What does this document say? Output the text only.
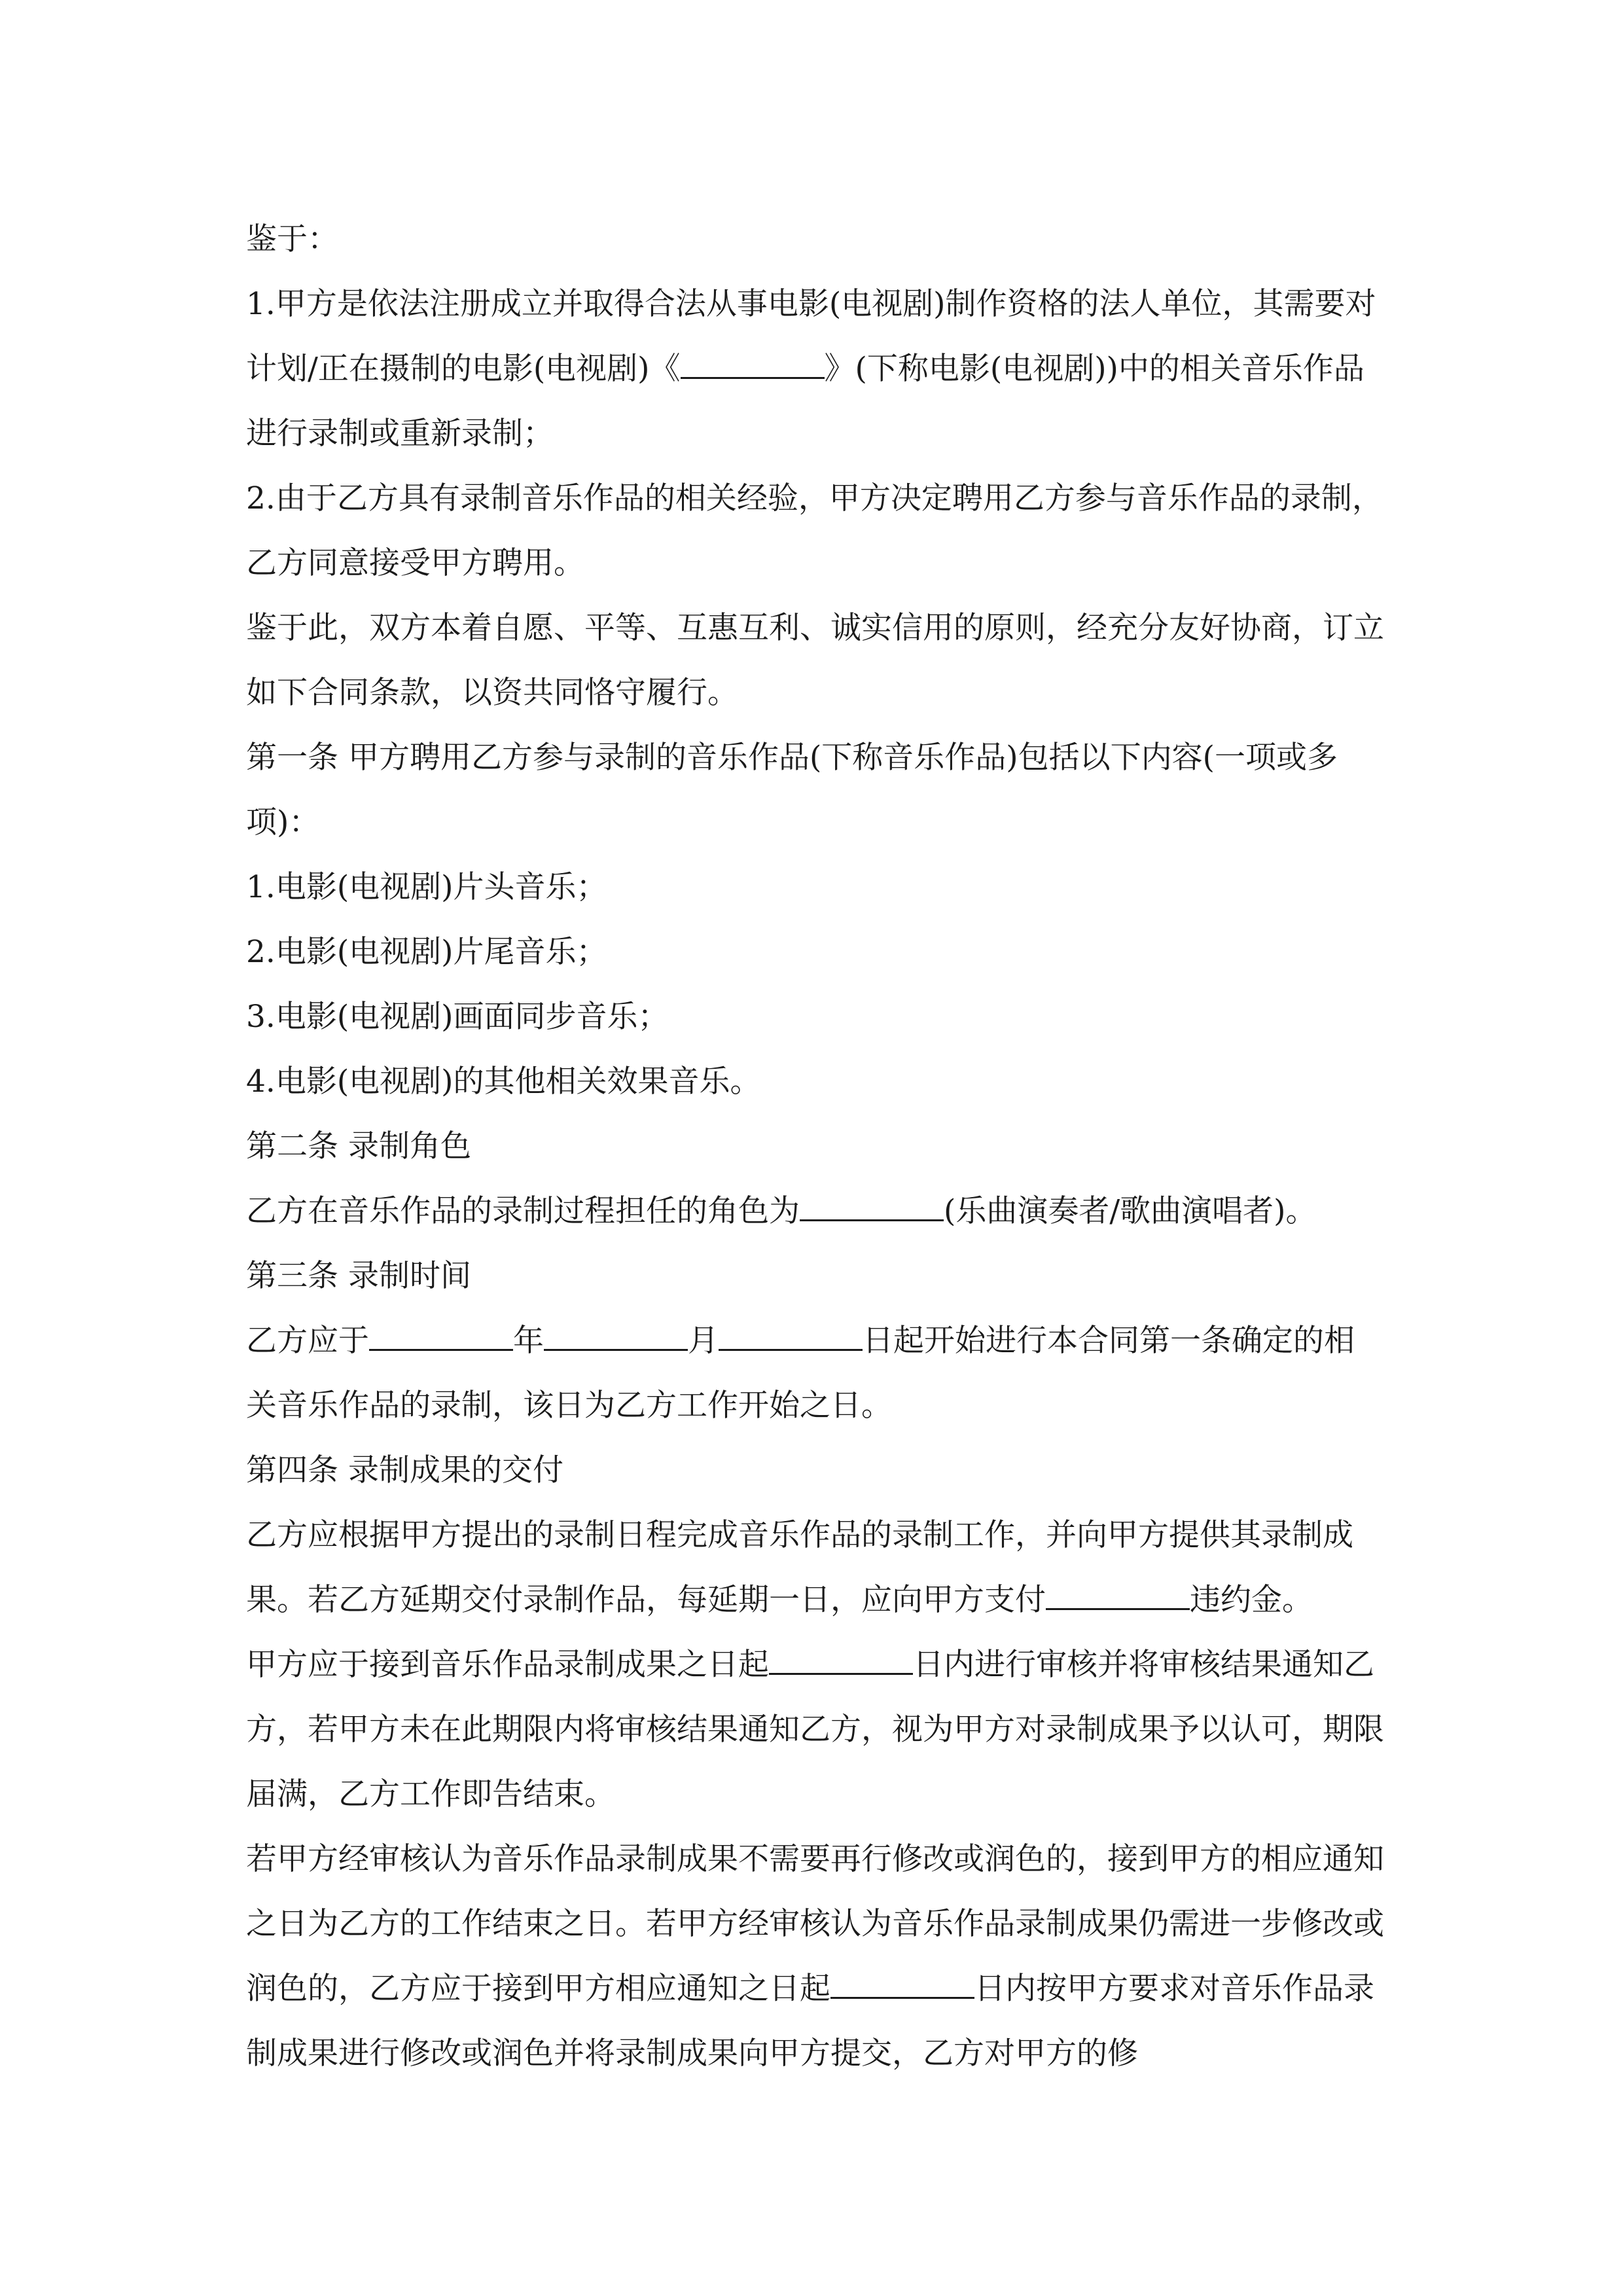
鉴于：

1.甲方是依法注册成立并取得合法从事电影(电视剧)制作资格的法人单位，其需要对计划/正在摄制的电影(电视剧)《	》(下称电影(电视剧))中的相关音乐作品进行录制或重新录制；

2.由于乙方具有录制音乐作品的相关经验，甲方决定聘用乙方参与音乐作品的录制，乙方同意接受甲方聘用。

鉴于此，双方本着自愿、平等、互惠互利、诚实信用的原则，经充分友好协商，订立如下合同条款，以资共同恪守履行。

第一条 甲方聘用乙方参与录制的音乐作品(下称音乐作品)包括以下内容(一项或多项)：

1.电影(电视剧)片头音乐；

2.电影(电视剧)片尾音乐；

3.电影(电视剧)画面同步音乐；

4.电影(电视剧)的其他相关效果音乐。

第二条 录制角色

乙方在音乐作品的录制过程担任的角色为	(乐曲演奏者/歌曲演唱者)。

第三条 录制时间

乙方应于	年	月	日起开始进行本合同第一条确定的相关音乐作品的录制，该日为乙方工作开始之日。

第四条 录制成果的交付

乙方应根据甲方提出的录制日程完成音乐作品的录制工作，并向甲方提供其录制成果。若乙方延期交付录制作品，每延期一日，应向甲方支付	违约金。

甲方应于接到音乐作品录制成果之日起	日内进行审核并将审核结果通知乙方，若甲方未在此期限内将审核结果通知乙方，视为甲方对录制成果予以认可，期限届满，乙方工作即告结束。

若甲方经审核认为音乐作品录制成果不需要再行修改或润色的，接到甲方的相应通知之日为乙方的工作结束之日。若甲方经审核认为音乐作品录制成果仍需进一步修改或润色的，乙方应于接到甲方相应通知之日起	日内按甲方要求对音乐作品录制成果进行修改或润色并将录制成果向甲方提交，乙方对甲方的修
